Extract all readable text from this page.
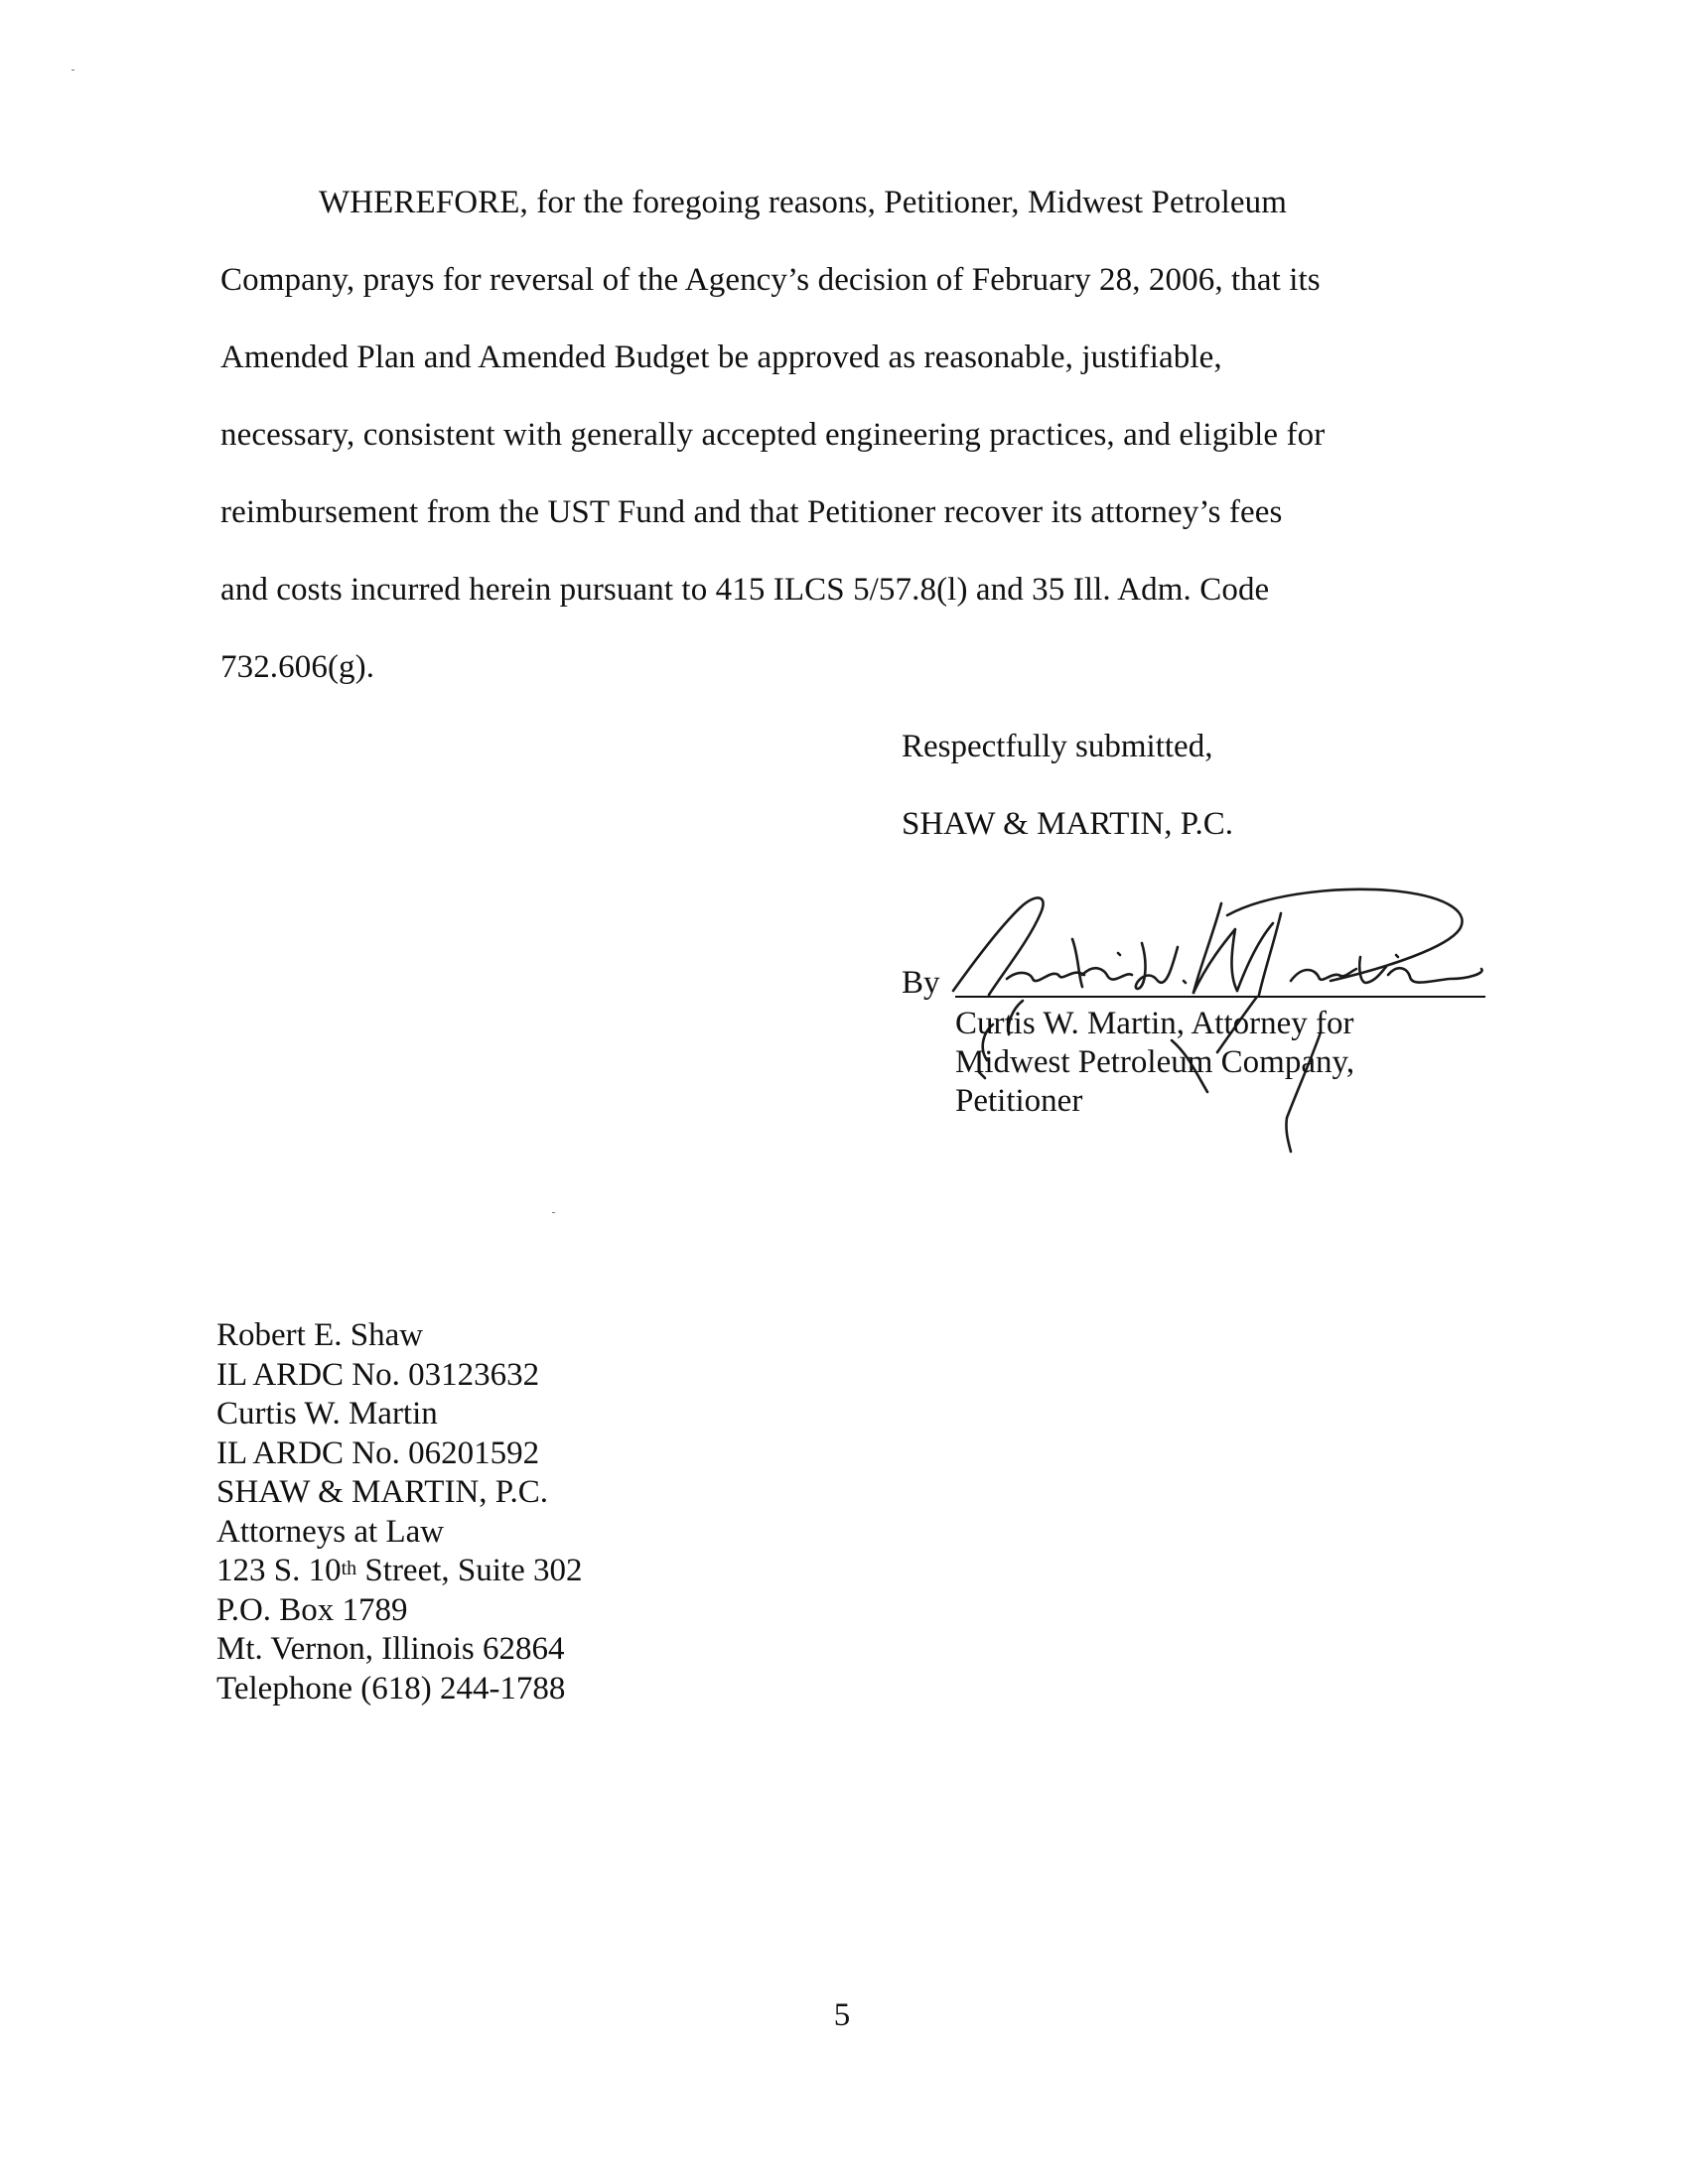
WHEREFORE, for the foregoing reasons, Petitioner, Midwest Petroleum
Company, prays for reversal of the Agency’s decision of February 28, 2006, that its
Amended Plan and Amended Budget be approved as reasonable, justifiable,
necessary, consistent with generally accepted engineering practices, and eligible for
reimbursement from the UST Fund and that Petitioner recover its attorney’s fees
and costs incurred herein pursuant to 415 ILCS 5/57.8(l) and 35 Ill. Adm. Code
732.606(g).
Respectfully submitted,
SHAW & MARTIN, P.C.
By
Curtis W. Martin, Attorney for
Midwest Petroleum Company,
Petitioner
Robert E. Shaw
IL ARDC No. 03123632
Curtis W. Martin
IL ARDC No. 06201592
SHAW & MARTIN, P.C.
Attorneys at Law
123 S. 10th Street, Suite 302
P.O. Box 1789
Mt. Vernon, Illinois 62864
Telephone (618) 244-1788
5
